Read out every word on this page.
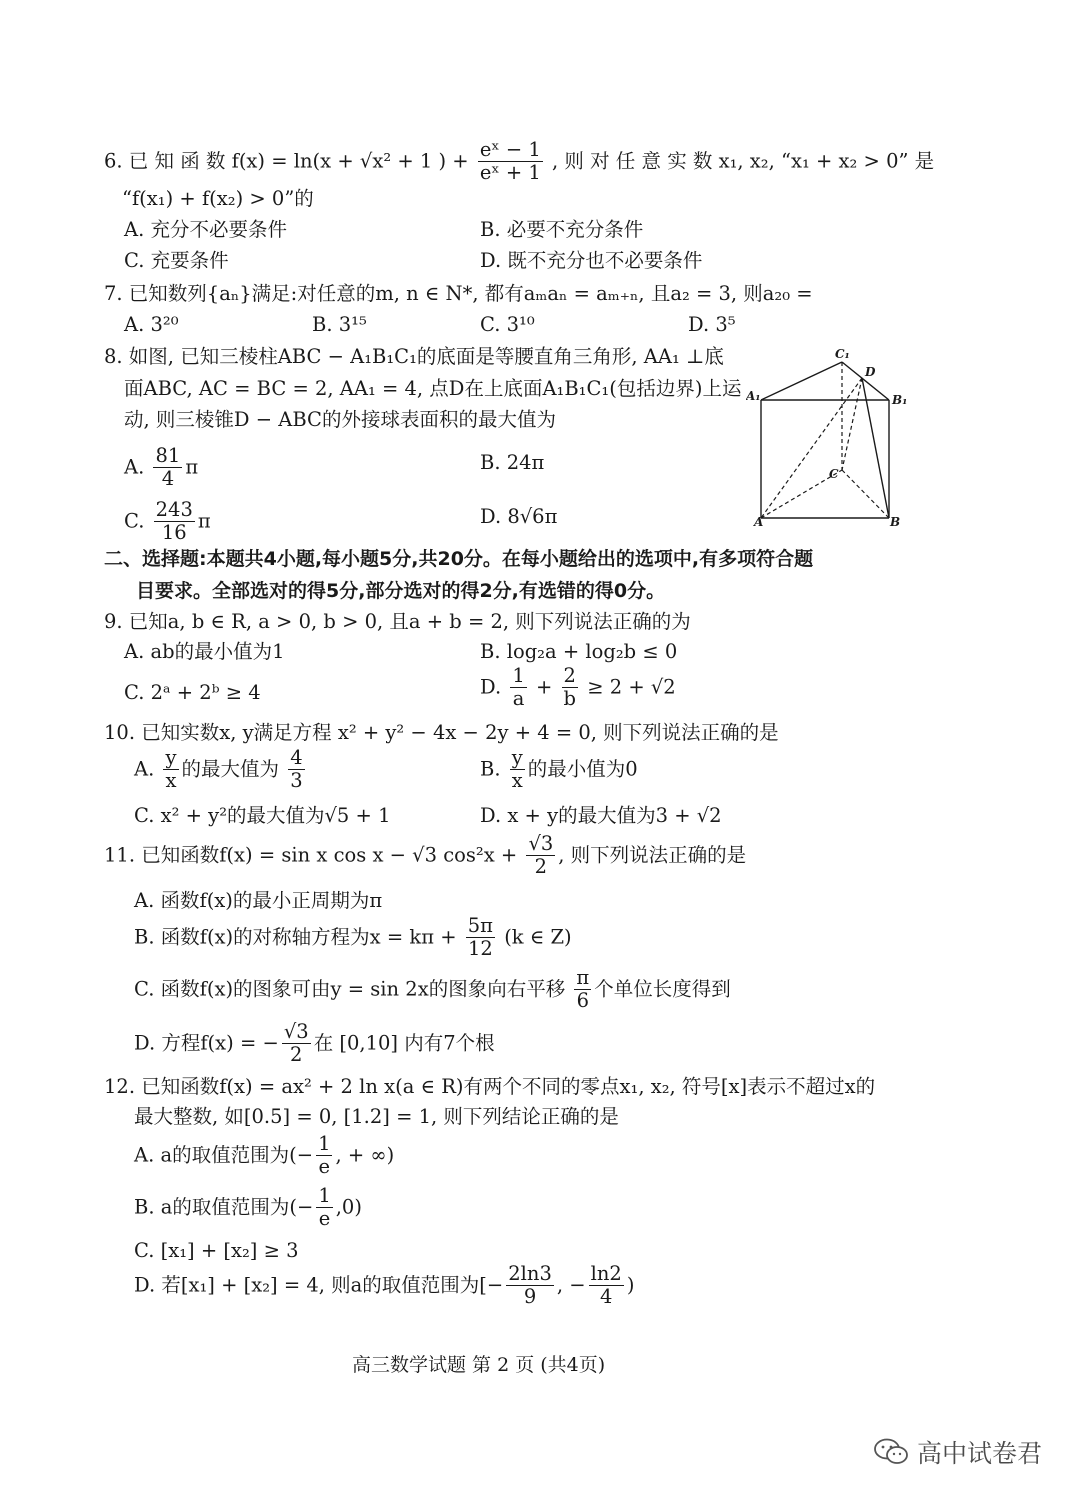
6. 已 知 函 数 f(x) = ln(x + √x² + 1 ) + $\frac{\text{eˣ − 1}}{\text{eˣ + 1}}$ , 则 对 任 意 实 数 x₁, x₂, “x₁ + x₂ > 0” 是
“f(x₁) + f(x₂) > 0”的
A. 充分不必要条件	B. 必要不充分条件
C. 充要条件	D. 既不充分也不必要条件
7. 已知数列{aₙ}满足:对任意的m, n ∈ N*, 都有aₘaₙ = aₘ₊ₙ, 且a₂ = 3, 则a₂₀ =
A. 3²⁰	B. 3¹⁵	C. 3¹⁰	D. 3⁵
8. 如图, 已知三棱柱ABC − A₁B₁C₁的底面是等腰直角三角形, AA₁ ⊥底
面ABC, AC = BC = 2, AA₁ = 4, 点D在上底面A₁B₁C₁(包括边界)上运
动, 则三棱锥D − ABC的外接球表面积的最大值为
A. $\frac{81}{4}$ π	B. 24π
C. $\frac{243}{16}$ π	D. 8√6π
C₁
D
A₁	B₁
C
A	B
二、选择题:本题共4小题,每小题5分,共20分。在每小题给出的选项中,有多项符合题
目要求。全部选对的得5分,部分选对的得2分,有选错的得0分。
9. 已知a, b ∈ R, a > 0, b > 0, 且a + b = 2, 则下列说法正确的为
A. ab的最小值为1	B. log₂a + log₂b ≤ 0
C. 2ᵃ + 2ᵇ ≥ 4	D. $\frac{1}{a} + \frac{2}{b} \ge 2 + √2$
10. 已知实数x, y满足方程 x² + y² − 4x − 2y + 4 = 0, 则下列说法正确的是
A. $\frac{y}{x}$ 的最大值为 $\frac{4}{3}$	B. $\frac{y}{x}$ 的最小值为0
C. x² + y²的最大值为√5 + 1	D. x + y的最大值为3 + √2
11. 已知函数f(x) = sin x cos x − √3 $\cos^2x + \frac{√3}{2}$ , 则下列说法正确的是
A. 函数f(x)的最小正周期为π
B. 函数f(x)的对称轴方程为$x = k\pi + \frac{5\pi}{12} (k$ ∈ Z)
C. 函数f(x)的图象可由y = sin 2x的图象向右平移 $\frac{\pi}{6}$ 个单位长度得到
D. 方程f(x) = − $\frac{√3}{2}$ 在 [0,10] 内有7个根
12. 已知函数f(x) = ax² + 2 ln x(a ∈ R)有两个不同的零点x₁, x₂, 符号[x]表示不超过x的
最大整数, 如[0.5] = 0, [1.2] = 1, 则下列结论正确的是
A. a的取值范围为(− $\frac{1}{e}$ , + ∞)
B. a的取值范围为(− $\frac{1}{e} ,0$)
C. [x₁] + [x₂] ≥ 3
D. 若[x₁] + [x₂] = 4, 则a的取值范围为[− $\frac{2\ln 3}{9}$ , − $\frac{\ln 2}{4}$ )
高三数学试题 第 2 页 (共4页)
高中试卷君
